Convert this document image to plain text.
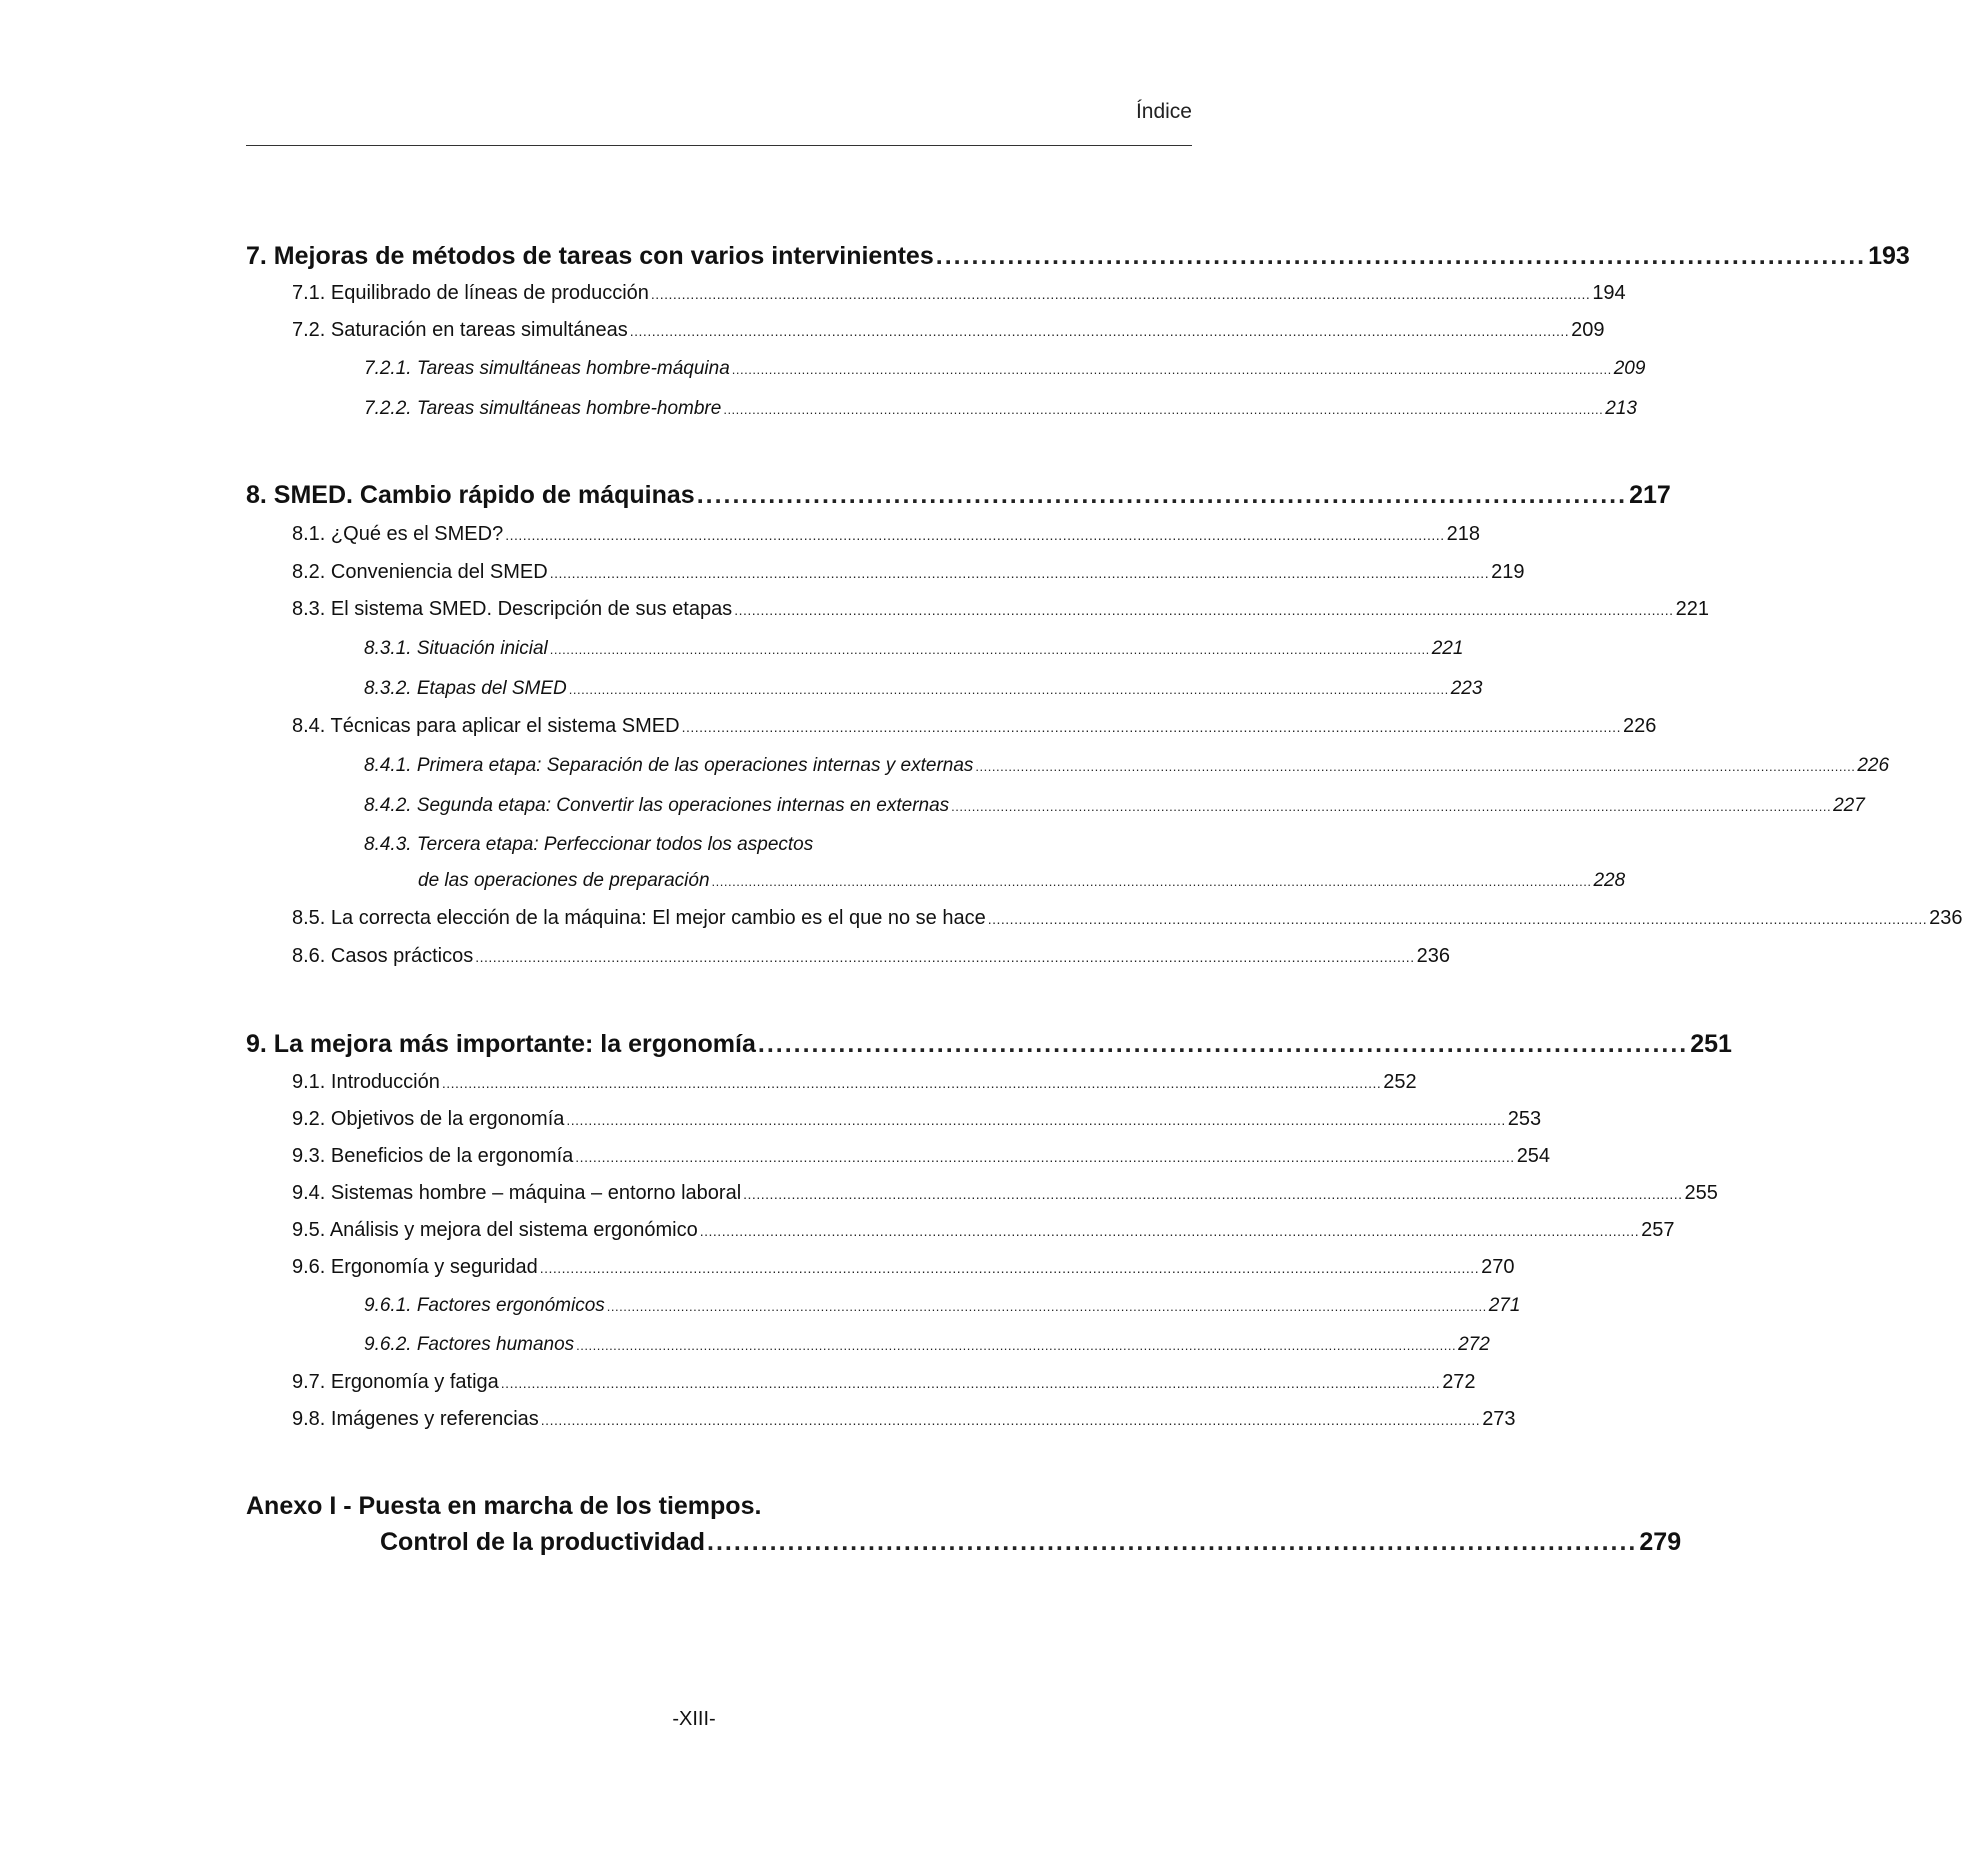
Índice
7. Mejoras de métodos de tareas con varios intervinientes ........................................................................................................ 193
7.1. Equilibrado de líneas de producción ...................................................................................................................................................................................................................... 194
7.2. Saturación en tareas simultáneas ...................................................................................................................................................................................................................... 209
7.2.1. Tareas simultáneas hombre-máquina ...................................................................................................................................................................................................................... 209
7.2.2. Tareas simultáneas hombre-hombre ...................................................................................................................................................................................................................... 213
8. SMED. Cambio rápido de máquinas ........................................................................................................ 217
8.1. ¿Qué es el SMED? ...................................................................................................................................................................................................................... 218
8.2. Conveniencia del SMED ...................................................................................................................................................................................................................... 219
8.3. El sistema SMED. Descripción de sus etapas ...................................................................................................................................................................................................................... 221
8.3.1. Situación inicial ...................................................................................................................................................................................................................... 221
8.3.2. Etapas del SMED ...................................................................................................................................................................................................................... 223
8.4. Técnicas para aplicar el sistema SMED ...................................................................................................................................................................................................................... 226
8.4.1. Primera etapa: Separación de las operaciones internas y externas ...................................................................................................................................................................................................................... 226
8.4.2. Segunda etapa: Convertir las operaciones internas en externas ...................................................................................................................................................................................................................... 227
8.4.3. Tercera etapa: Perfeccionar todos los aspectos
de las operaciones de preparación ...................................................................................................................................................................................................................... 228
8.5. La correcta elección de la máquina: El mejor cambio es el que no se hace ...................................................................................................................................................................................................................... 236
8.6. Casos prácticos ...................................................................................................................................................................................................................... 236
9. La mejora más importante: la ergonomía ........................................................................................................ 251
9.1. Introducción ...................................................................................................................................................................................................................... 252
9.2. Objetivos de la ergonomía ...................................................................................................................................................................................................................... 253
9.3. Beneficios de la ergonomía ...................................................................................................................................................................................................................... 254
9.4. Sistemas hombre – máquina – entorno laboral ...................................................................................................................................................................................................................... 255
9.5. Análisis y mejora del sistema ergonómico ...................................................................................................................................................................................................................... 257
9.6. Ergonomía y seguridad ...................................................................................................................................................................................................................... 270
9.6.1. Factores ergonómicos ...................................................................................................................................................................................................................... 271
9.6.2. Factores humanos ...................................................................................................................................................................................................................... 272
9.7. Ergonomía y fatiga ...................................................................................................................................................................................................................... 272
9.8. Imágenes y referencias ...................................................................................................................................................................................................................... 273
Anexo I - Puesta en marcha de los tiempos.
Control de la productividad ........................................................................................................ 279
-XIII-
